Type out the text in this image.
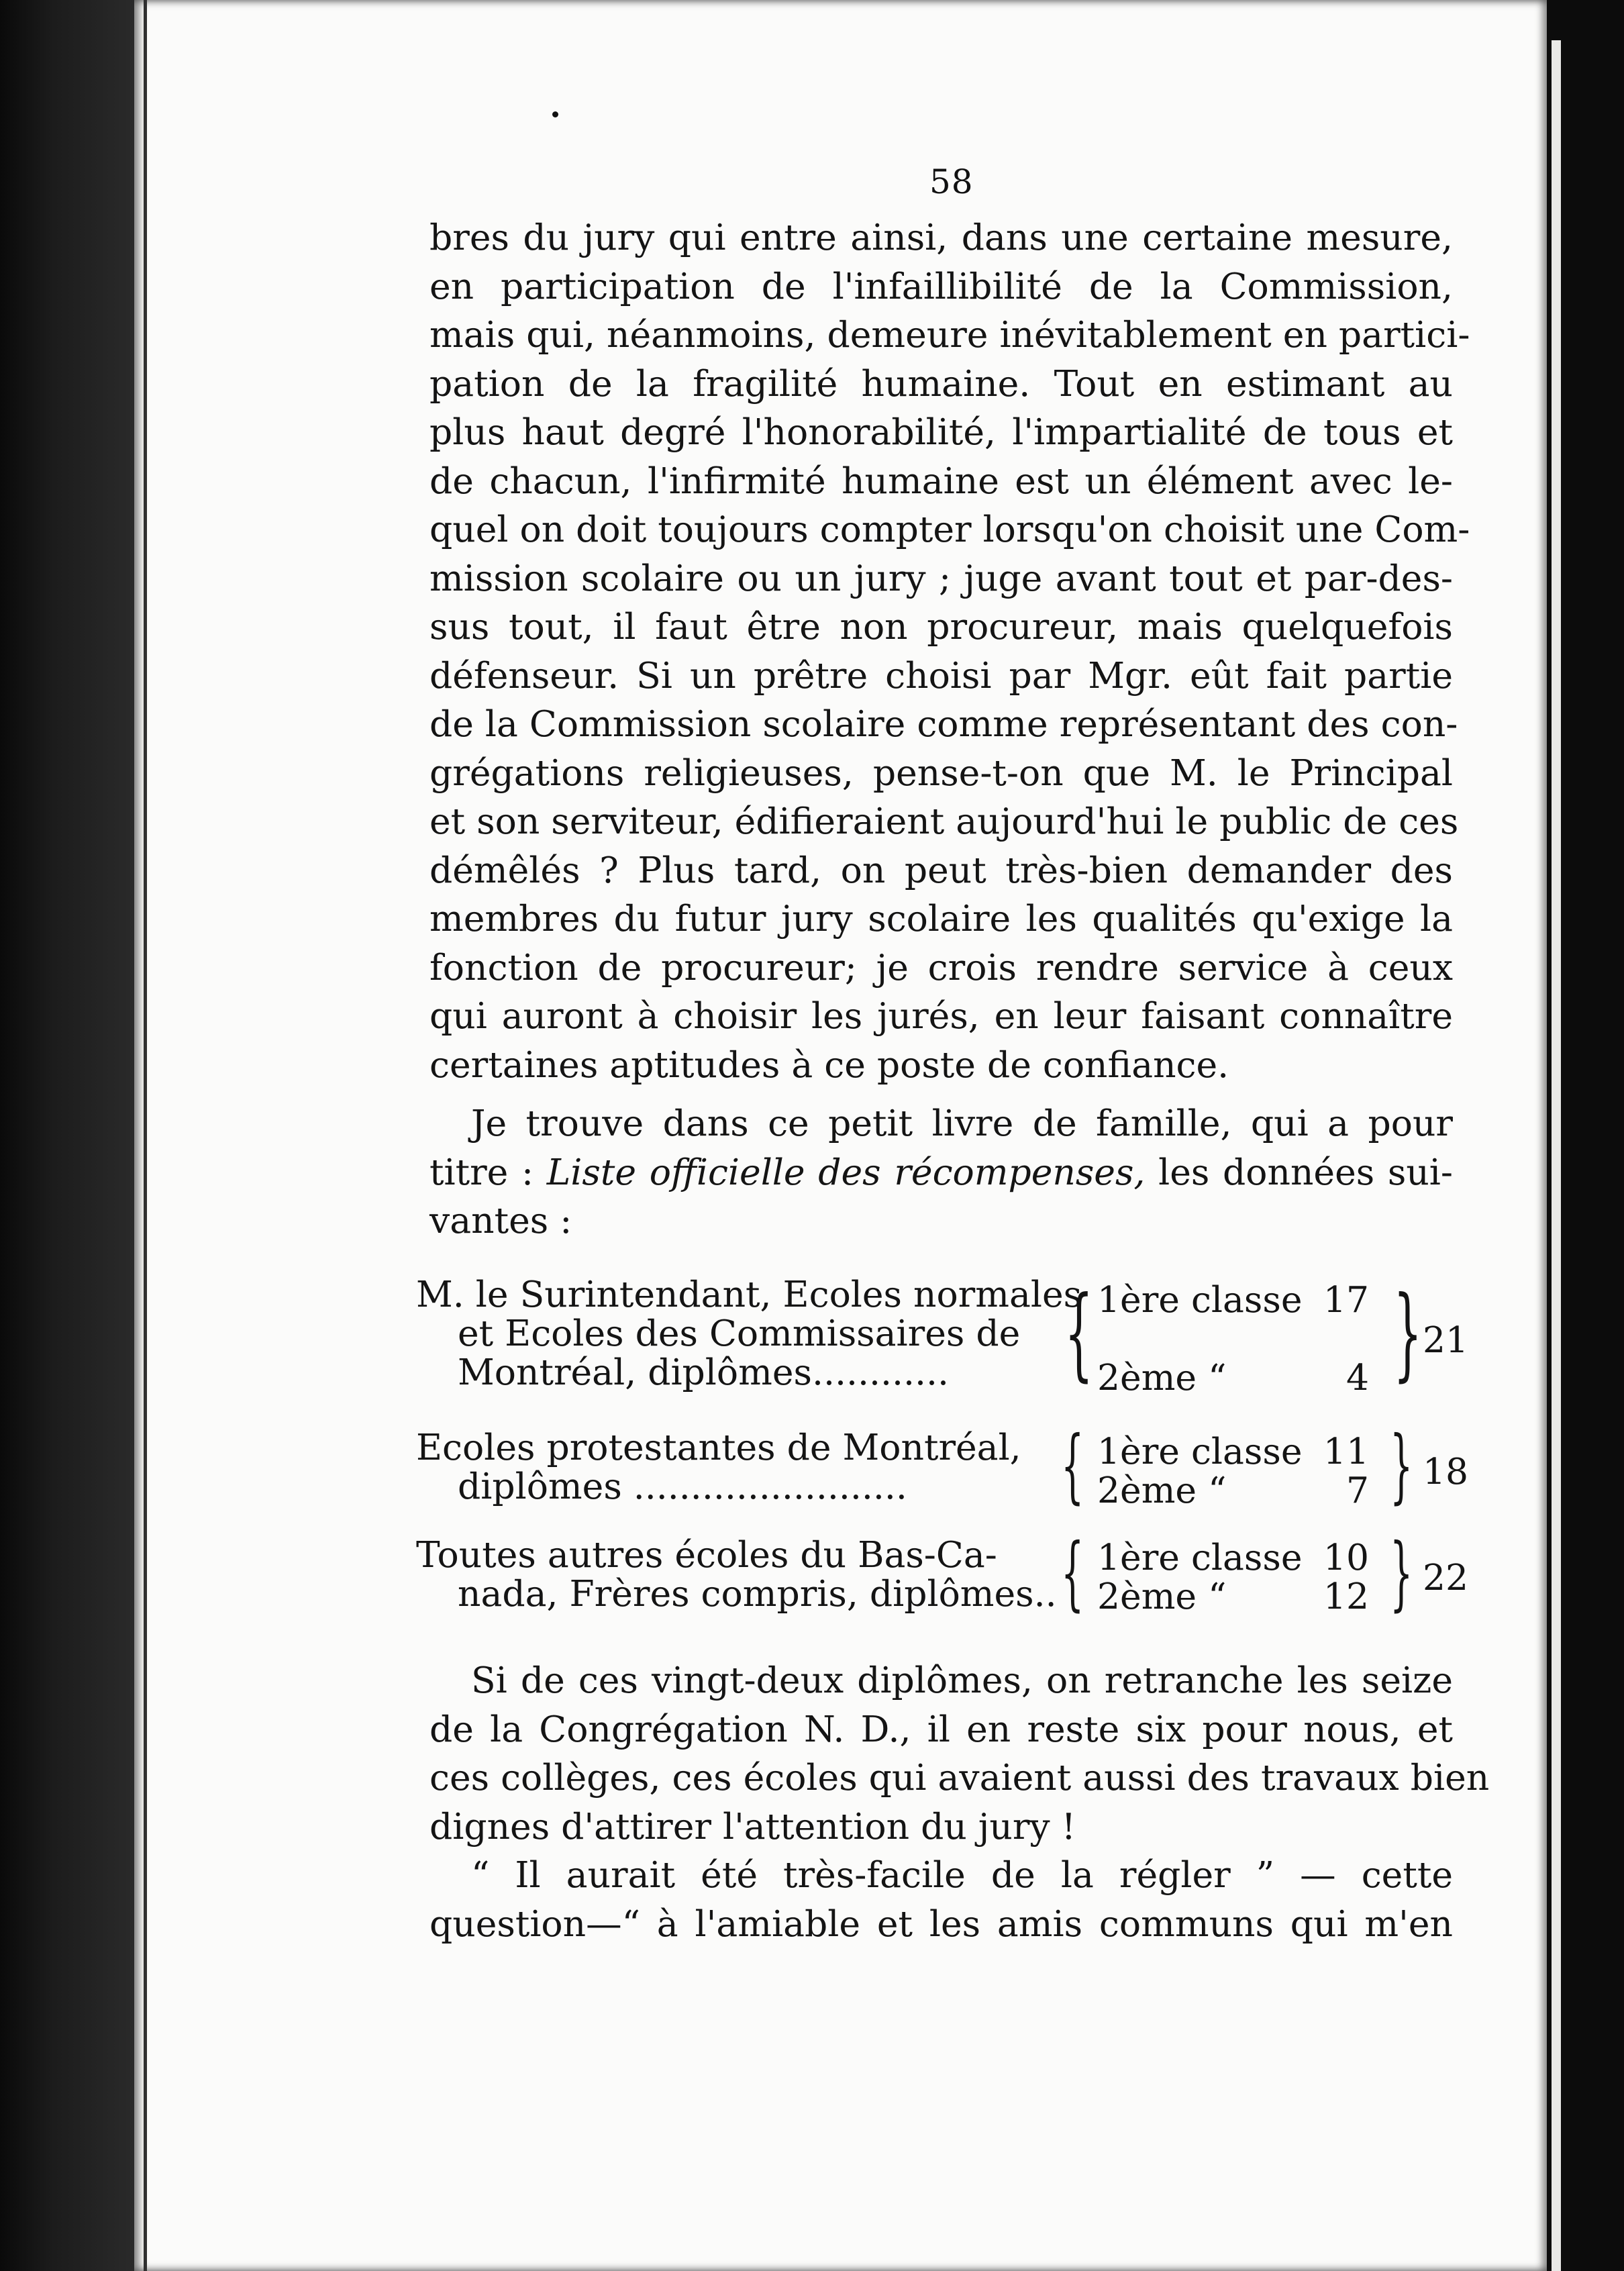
58
bres du jury qui entre ainsi, dans une certaine mesure,
en participation de l'infaillibilité de la Commission,
mais qui, néanmoins, demeure inévitablement en partici-
pation de la fragilité humaine. Tout en estimant au
plus haut degré l'honorabilité, l'impartialité de tous et
de chacun, l'infirmité humaine est un élément avec le-
quel on doit toujours compter lorsqu'on choisit une Com-
mission scolaire ou un jury ; juge avant tout et par-des-
sus tout, il faut être non procureur, mais quelquefois
défenseur. Si un prêtre choisi par Mgr. eût fait partie
de la Commission scolaire comme représentant des con-
grégations religieuses, pense-t-on que M. le Principal
et son serviteur, édifieraient aujourd'hui le public de ces
démêlés ? Plus tard, on peut très-bien demander des
membres du futur jury scolaire les qualités qu'exige la
fonction de procureur; je crois rendre service à ceux
qui auront à choisir les jurés, en leur faisant connaître
certaines aptitudes à ce poste de confiance.
Je trouve dans ce petit livre de famille, qui a pour
titre : Liste officielle des récompenses, les données sui-
vantes :
M. le Surintendant, Ecoles normales
et Ecoles des Commissaires de
Montréal, diplômes............	{ 1ère classe 17
2ème “	4 } 21
Ecoles protestantes de Montréal,
diplômes ........................	{ 1ère classe 11
2ème “	7 } 18
Toutes autres écoles du Bas-Ca-
nada, Frères compris, diplômes.. { 1ère classe 10
2ème “	12 } 22
Si de ces vingt-deux diplômes, on retranche les seize
de la Congrégation N. D., il en reste six pour nous, et
ces collèges, ces écoles qui avaient aussi des travaux bien
dignes d'attirer l'attention du jury !
“ Il aurait été très-facile de la régler ” — cette
question—“ à l'amiable et les amis communs qui m'en
